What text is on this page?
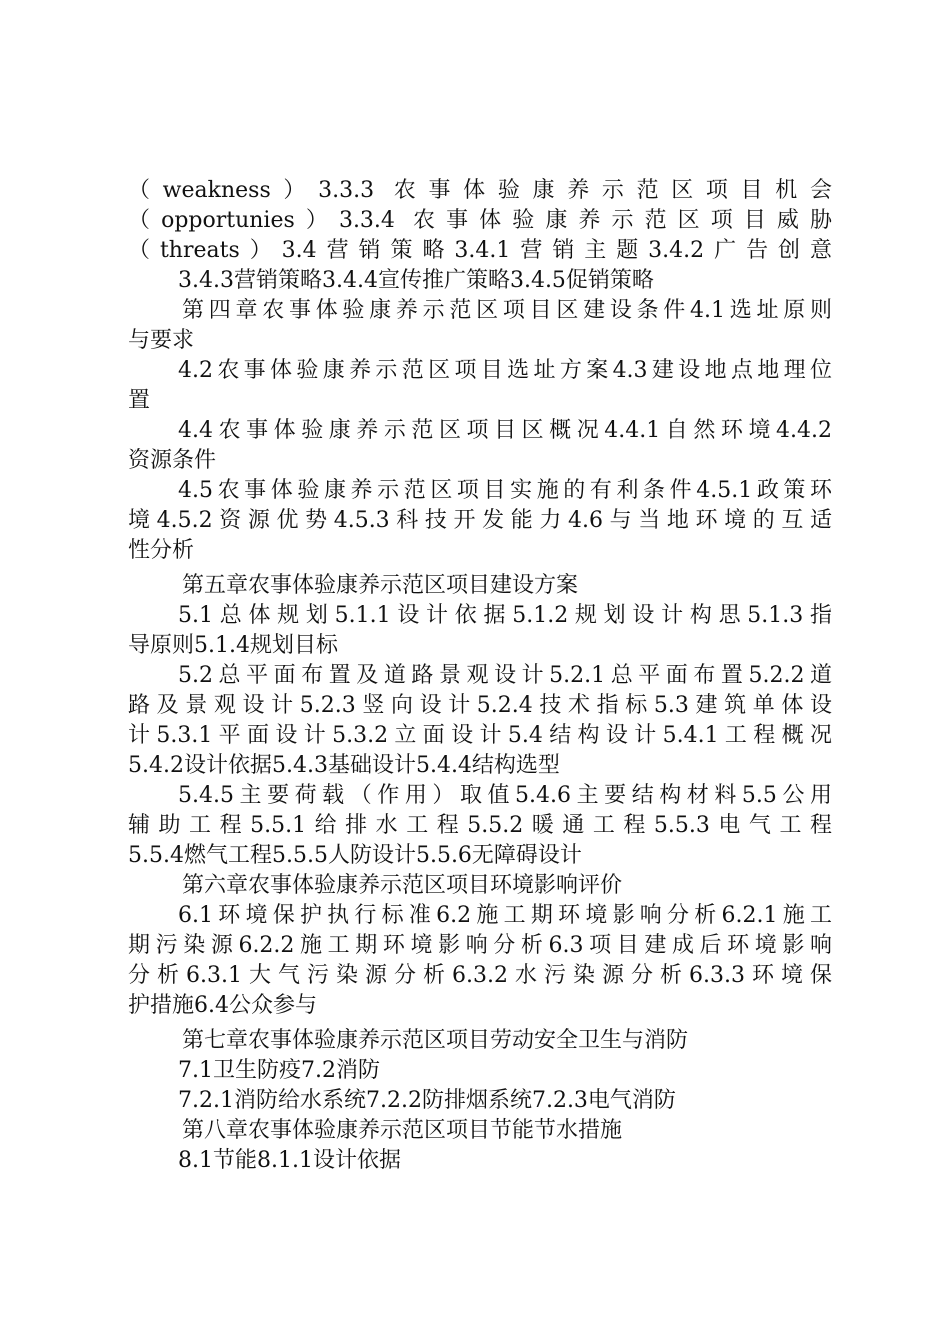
（weakness）3.3.3 农事体验康养示范区项目机会
（opportunies）3.3.4 农事体验康养示范区项目威胁
（threats）3.4营销策略3.4.1营销主题3.4.2广告创意
3.4.3营销策略3.4.4宣传推广策略3.4.5促销策略
第四章农事体验康养示范区项目区建设条件4.1选址原则
与要求
4.2农事体验康养示范区项目选址方案4.3建设地点地理位
置
4.4农事体验康养示范区项目区概况4.4.1自然环境4.4.2
资源条件
4.5农事体验康养示范区项目实施的有利条件4.5.1政策环
境4.5.2资源优势4.5.3科技开发能力4.6与当地环境的互适
性分析
第五章农事体验康养示范区项目建设方案
5.1总体规划5.1.1设计依据5.1.2规划设计构思5.1.3指
导原则5.1.4规划目标
5.2总平面布置及道路景观设计5.2.1总平面布置5.2.2道
路及景观设计5.2.3竖向设计5.2.4技术指标5.3建筑单体设
计5.3.1平面设计5.3.2立面设计5.4结构设计5.4.1工程概况
5.4.2设计依据5.4.3基础设计5.4.4结构选型
5.4.5主要荷载（作用）取值5.4.6主要结构材料5.5公用
辅助工程5.5.1给排水工程5.5.2暖通工程5.5.3电气工程
5.5.4燃气工程5.5.5人防设计5.5.6无障碍设计
第六章农事体验康养示范区项目环境影响评价
6.1环境保护执行标准6.2施工期环境影响分析6.2.1施工
期污染源6.2.2施工期环境影响分析6.3项目建成后环境影响
分析6.3.1大气污染源分析6.3.2水污染源分析6.3.3环境保
护措施6.4公众参与
第七章农事体验康养示范区项目劳动安全卫生与消防
7.1卫生防疫7.2消防
7.2.1消防给水系统7.2.2防排烟系统7.2.3电气消防
第八章农事体验康养示范区项目节能节水措施
8.1节能8.1.1设计依据
